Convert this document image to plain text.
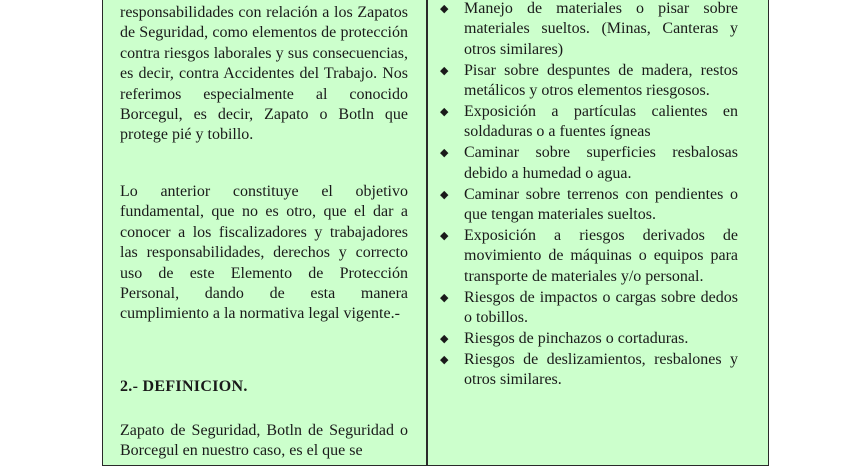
responsabilidades con relación a los Zapatos de Seguridad, como elementos de protección contra riesgos laborales y sus consecuencias, es decir, contra Accidentes del Trabajo. Nos referimos especialmente al conocido Borcegul, es decir, Zapato o Botln que protege pié y tobillo.

Lo anterior constituye el objetivo fundamental, que no es otro, que el dar a conocer a los fiscalizadores y trabajadores las responsabilidades, derechos y correcto uso de este Elemento de Protección Personal, dando de esta manera cumplimiento a la normativa legal vigente.-

2.- DEFINICION.

Zapato de Seguridad, Botln de Seguridad o Borcegul en nuestro caso, es el que se

◆ Manejo de materiales o pisar sobre materiales sueltos. (Minas, Canteras y otros similares)
◆ Pisar sobre despuntes de madera, restos metálicos y otros elementos riesgosos.
◆ Exposición a partículas calientes en soldaduras o a fuentes ígneas
◆ Caminar sobre superficies resbalosas debido a humedad o agua.
◆ Caminar sobre terrenos con pendientes o que tengan materiales sueltos.
◆ Exposición a riesgos derivados de movimiento de máquinas o equipos para transporte de materiales y/o personal.
◆ Riesgos de impactos o cargas sobre dedos o tobillos.
◆ Riesgos de pinchazos o cortaduras.
◆ Riesgos de deslizamientos, resbalones y otros similares.
